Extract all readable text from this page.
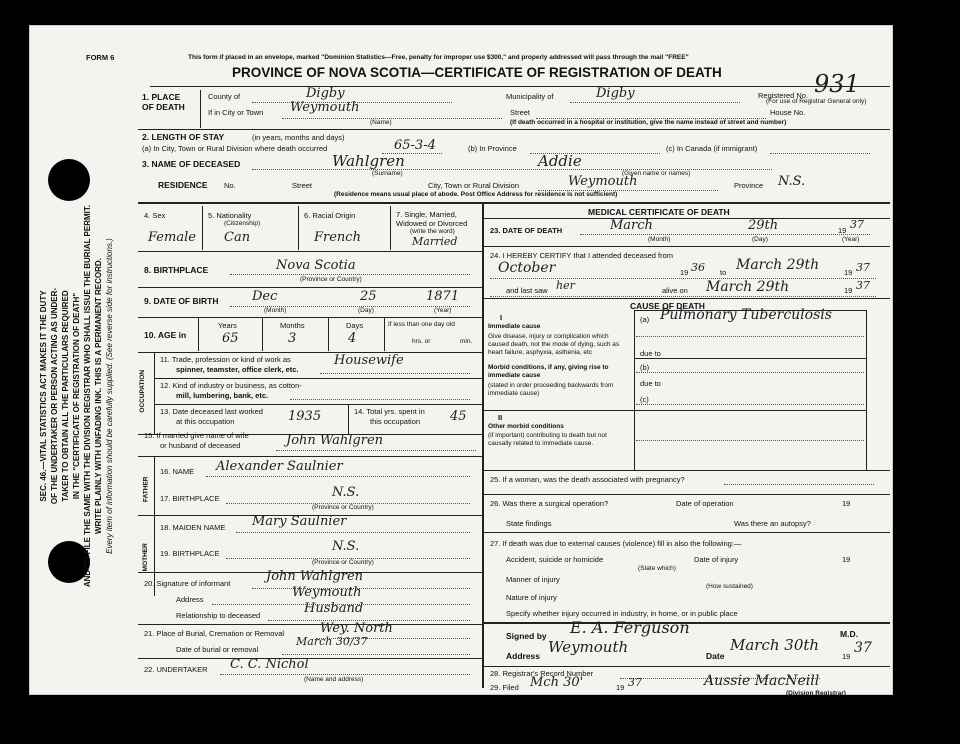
SEC. 46.—VITAL STATISTICS ACT MAKES IT THE DUTY OF THE UNDERTAKER OR PERSON ACTING AS UNDER- TAKER TO OBTAIN ALL THE PARTICULARS REQUIRED IN THE "CERTIFICATE OF REGISTRATION OF DEATH" AND TO FILE THE SAME WITH THE DIVISION REGISTRAR WHO SHALL ISSUE THE BURIAL PERMIT. WRITE PLAINLY WITH UNFADING INK. THIS IS A PERMANENT RECORD. Every item of information should be carefully supplied. (See reverse side for instructions.)
FORM 6	This form if placed in an envelope, marked "Dominion Statistics—Free, penalty for improper use $300," and properly addressed will pass through the mail "FREE"
PROVINCE OF NOVA SCOTIA—CERTIFICATE OF REGISTRATION OF DEATH
1. PLACE OF DEATH
County of	Digby	Municipality of	Digby	Registered No. 931
(For use of Registrar General only)
If in City or Town Weymouth
(Name)
Street	House No.
(If death occurred in a hospital or institution, give the name instead of street and number)
2. LENGTH OF STAY	(in years, months and days)
(a) In City, Town or Rural Division where death occurred	65-3-4	(b) In Province	(c) In Canada (if immigrant)
3. NAME OF DECEASED	Wahlgren	Addie
(Surname)	(Given name or names)
RESIDENCE No.	Street	City, Town or Rural Division	Weymouth	Province N.S.
(Residence means usual place of abode. Post Office Address for residence is not sufficient)
4. Sex
Female
5. Nationality
(Citizenship)
Can
6. Racial Origin
French
7. Single, Married, Widowed or Divorced
(write the word)
Married
8. BIRTHPLACE	Nova Scotia
(Province or Country)
9. DATE OF BIRTH	Dec	25	1871
(Month)	(Day)	(Year)
10. AGE in
Years
65
Months
3
Days
4
If less than one day old
hrs. or	min.
OCCUPATION
11. Trade, profession or kind of work as
spinner, teamster, office clerk, etc.
Housewife
12. Kind of industry or business, as cotton-
mill, lumbering, bank, etc.
13. Date deceased last worked
at this occupation	1935	14. Total yrs. spent in
this occupation 45
15. If married give name of wife
or husband of deceased	John Wahlgren
FATHER
MOTHER
16. NAME Alexander Saulnier
17. BIRTHPLACE	N.S.
(Province or Country)
18. MAIDEN NAME Mary Saulnier
19. BIRTHPLACE	N.S.
(Province or Country)
20. Signature of informant	John Wahlgren
Address	Weymouth
Relationship to deceased	Husband
21. Place of Burial, Cremation or Removal	Wey. North
Date of burial or removal
March 30/37
22. UNDERTAKER C. C. Nichol
(Name and address)
MEDICAL CERTIFICATE OF DEATH
23. DATE OF DEATH	March	29th	19 37
(Month)	(Day)	(Year)
24. I HEREBY CERTIFY that I attended deceased from
October	19 36 to March 29th	19 37
and last saw her	alive on March 29th	19 37
CAUSE OF DEATH
I
Immediate cause
Give disease, injury or complication which caused death, not the mode of dying, such as heart failure, asphyxia, asthenia, etc
(a) Pulmonary Tuberculosis
due to
Morbid conditions, if any, giving rise to immediate cause
(stated in order proceeding backwards from immediate cause)
(b)
due to
(c)
II
Other morbid conditions
(if important) contributing to death but not causally related to immediate cause.
25. If a woman, was the death associated with pregnancy?
26. Was there a surgical operation?	Date of operation	19
State findings	Was there an autopsy?
27. If death was due to external causes (violence) fill in also the following:—
Accident, suicide or homicide
(State which)
Date of injury	19
Manner of injury
(How sustained)
Nature of injury
Specify whether injury occurred in industry, in home, or in public place
Signed by E. A. Ferguson	M.D.
Address Weymouth	Date
March 30th
19
37
28. Registrar's Record Number
29. Filed Mch 30'	19 37	Aussie MacNeill
(Division Registrar)
